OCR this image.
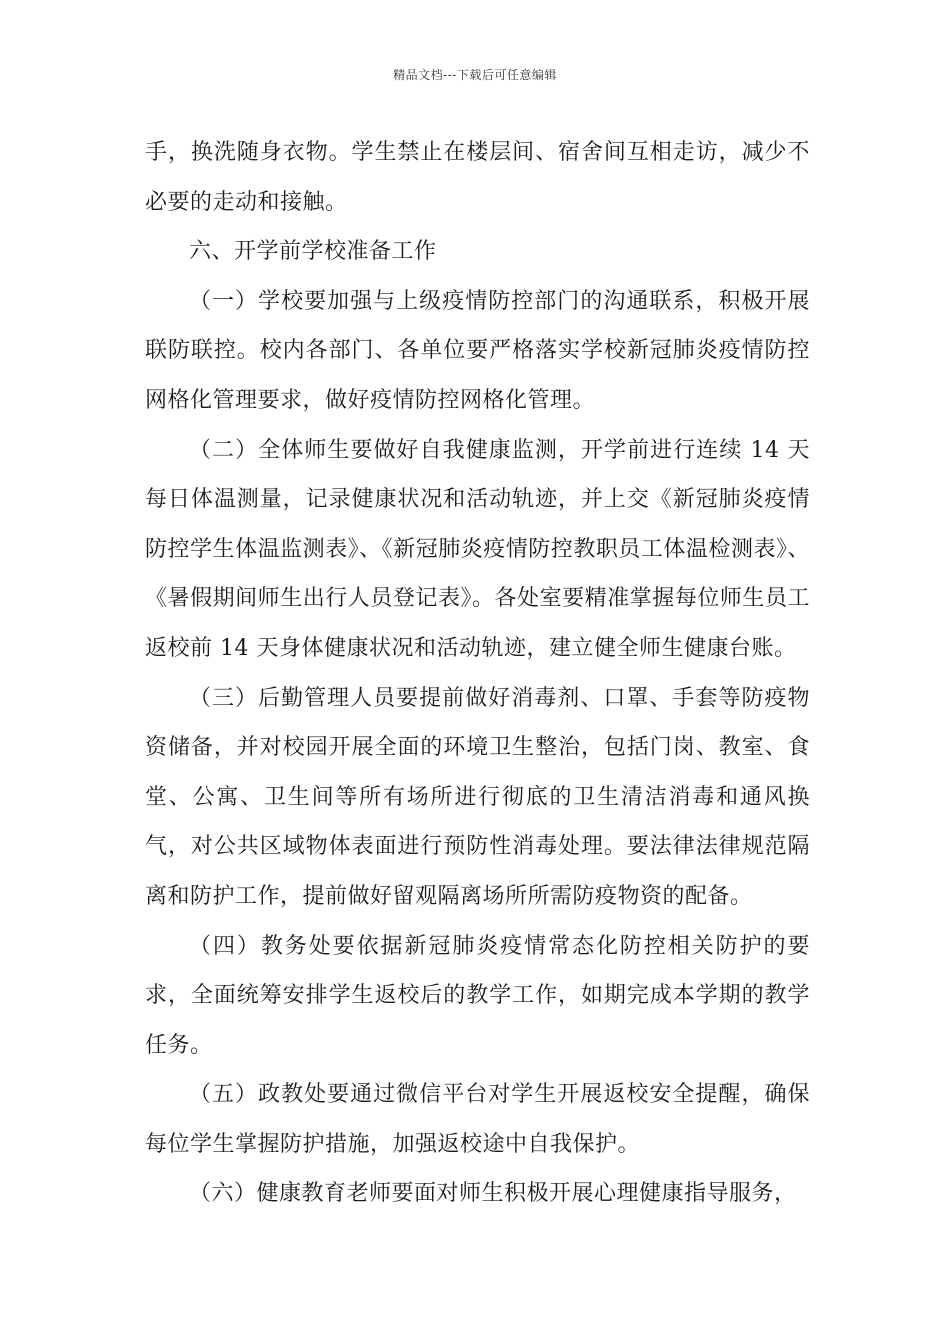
精品文档---下载后可任意编辑

手，换洗随身衣物。学生禁止在楼层间、宿舍间互相走访，减少不必要的走动和接触。

六、开学前学校准备工作

（一）学校要加强与上级疫情防控部门的沟通联系，积极开展联防联控。校内各部门、各单位要严格落实学校新冠肺炎疫情防控网格化管理要求，做好疫情防控网格化管理。

（二）全体师生要做好自我健康监测，开学前进行连续 14 天每日体温测量，记录健康状况和活动轨迹，并上交《新冠肺炎疫情防控学生体温监测表》、《新冠肺炎疫情防控教职员工体温检测表》、《暑假期间师生出行人员登记表》。各处室要精准掌握每位师生员工返校前 14 天身体健康状况和活动轨迹，建立健全师生健康台账。

（三）后勤管理人员要提前做好消毒剂、口罩、手套等防疫物资储备，并对校园开展全面的环境卫生整治，包括门岗、教室、食堂、公寓、卫生间等所有场所进行彻底的卫生清洁消毒和通风换气，对公共区域物体表面进行预防性消毒处理。要法律法律规范隔离和防护工作，提前做好留观隔离场所所需防疫物资的配备。

（四）教务处要依据新冠肺炎疫情常态化防控相关防护的要求，全面统筹安排学生返校后的教学工作，如期完成本学期的教学任务。

（五）政教处要通过微信平台对学生开展返校安全提醒，确保每位学生掌握防护措施，加强返校途中自我保护。

（六）健康教育老师要面对师生积极开展心理健康指导服务，
